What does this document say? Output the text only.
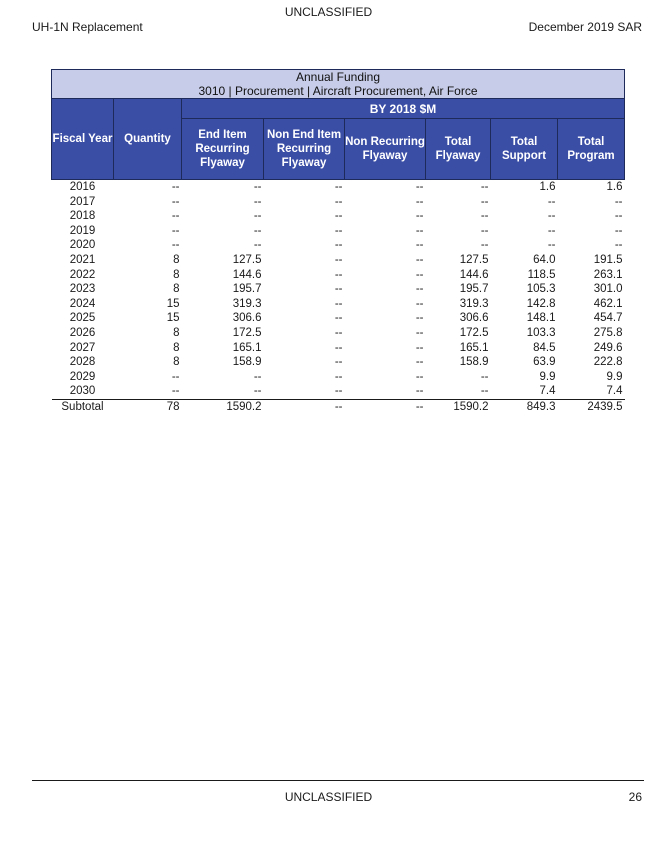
UNCLASSIFIED
UH-1N Replacement	December 2019 SAR
Annual Funding
3010 | Procurement | Aircraft Procurement, Air Force							

Fiscal Year	Quantity	BY 2018 $M					
		End Item Recurring Flyaway	Non End Item Recurring Flyaway	Non Recurring Flyaway	Total Flyaway	Total Support	Total Program
2016	--	--	--	--	--	1.6	1.6
2017	--	--	--	--	--	--	--
2018	--	--	--	--	--	--	--
2019	--	--	--	--	--	--	--
2020	--	--	--	--	--	--	--
2021	8	127.5	--	--	127.5	64.0	191.5
2022	8	144.6	--	--	144.6	118.5	263.1
2023	8	195.7	--	--	195.7	105.3	301.0
2024	15	319.3	--	--	319.3	142.8	462.1
2025	15	306.6	--	--	306.6	148.1	454.7
2026	8	172.5	--	--	172.5	103.3	275.8
2027	8	165.1	--	--	165.1	84.5	249.6
2028	8	158.9	--	--	158.9	63.9	222.8
2029	--	--	--	--	--	9.9	9.9
2030	--	--	--	--	--	7.4	7.4
Subtotal	78	1590.2	--	--	1590.2	849.3	2439.5
UNCLASSIFIED	26
